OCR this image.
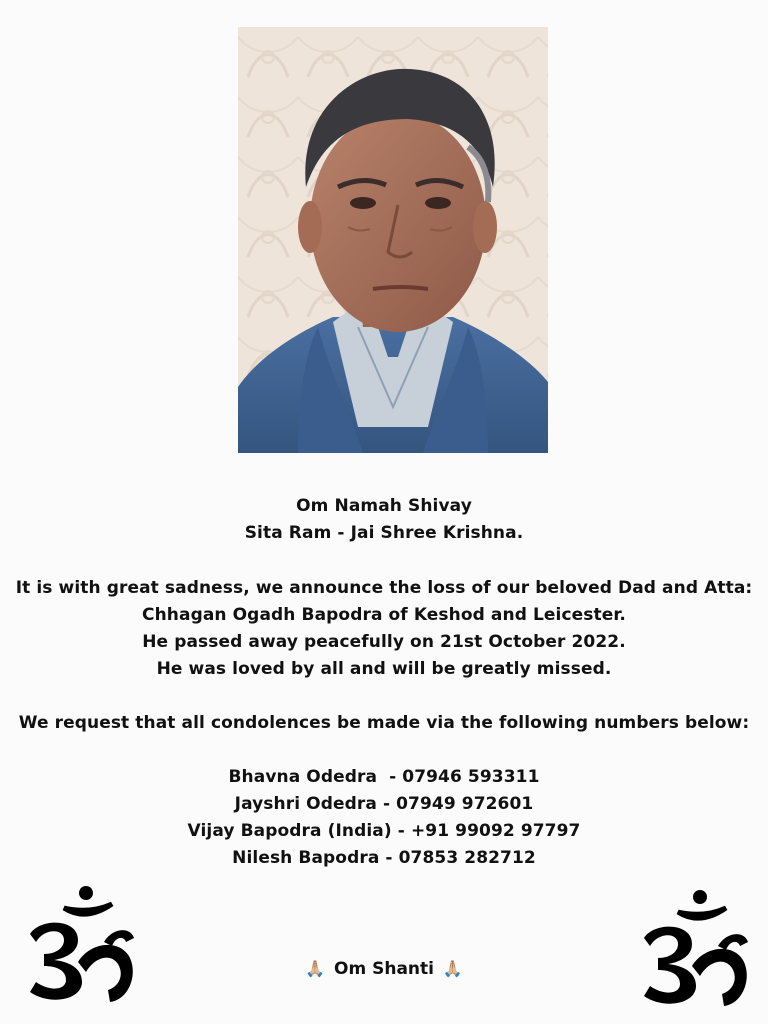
Om Namah Shivay
Sita Ram - Jai Shree Krishna.
It is with great sadness, we announce the loss of our beloved Dad and Atta:
Chhagan Ogadh Bapodra of Keshod and Leicester.
He passed away peacefully on 21st October 2022.
He was loved by all and will be greatly missed.
We request that all condolences be made via the following numbers below:
Bhavna Odedra  - 07946 593311
Jayshri Odedra - 07949 972601
Vijay Bapodra (India) - +91 99092 97797
Nilesh Bapodra - 07853 282712
🙏🏼 Om Shanti 🙏🏼
